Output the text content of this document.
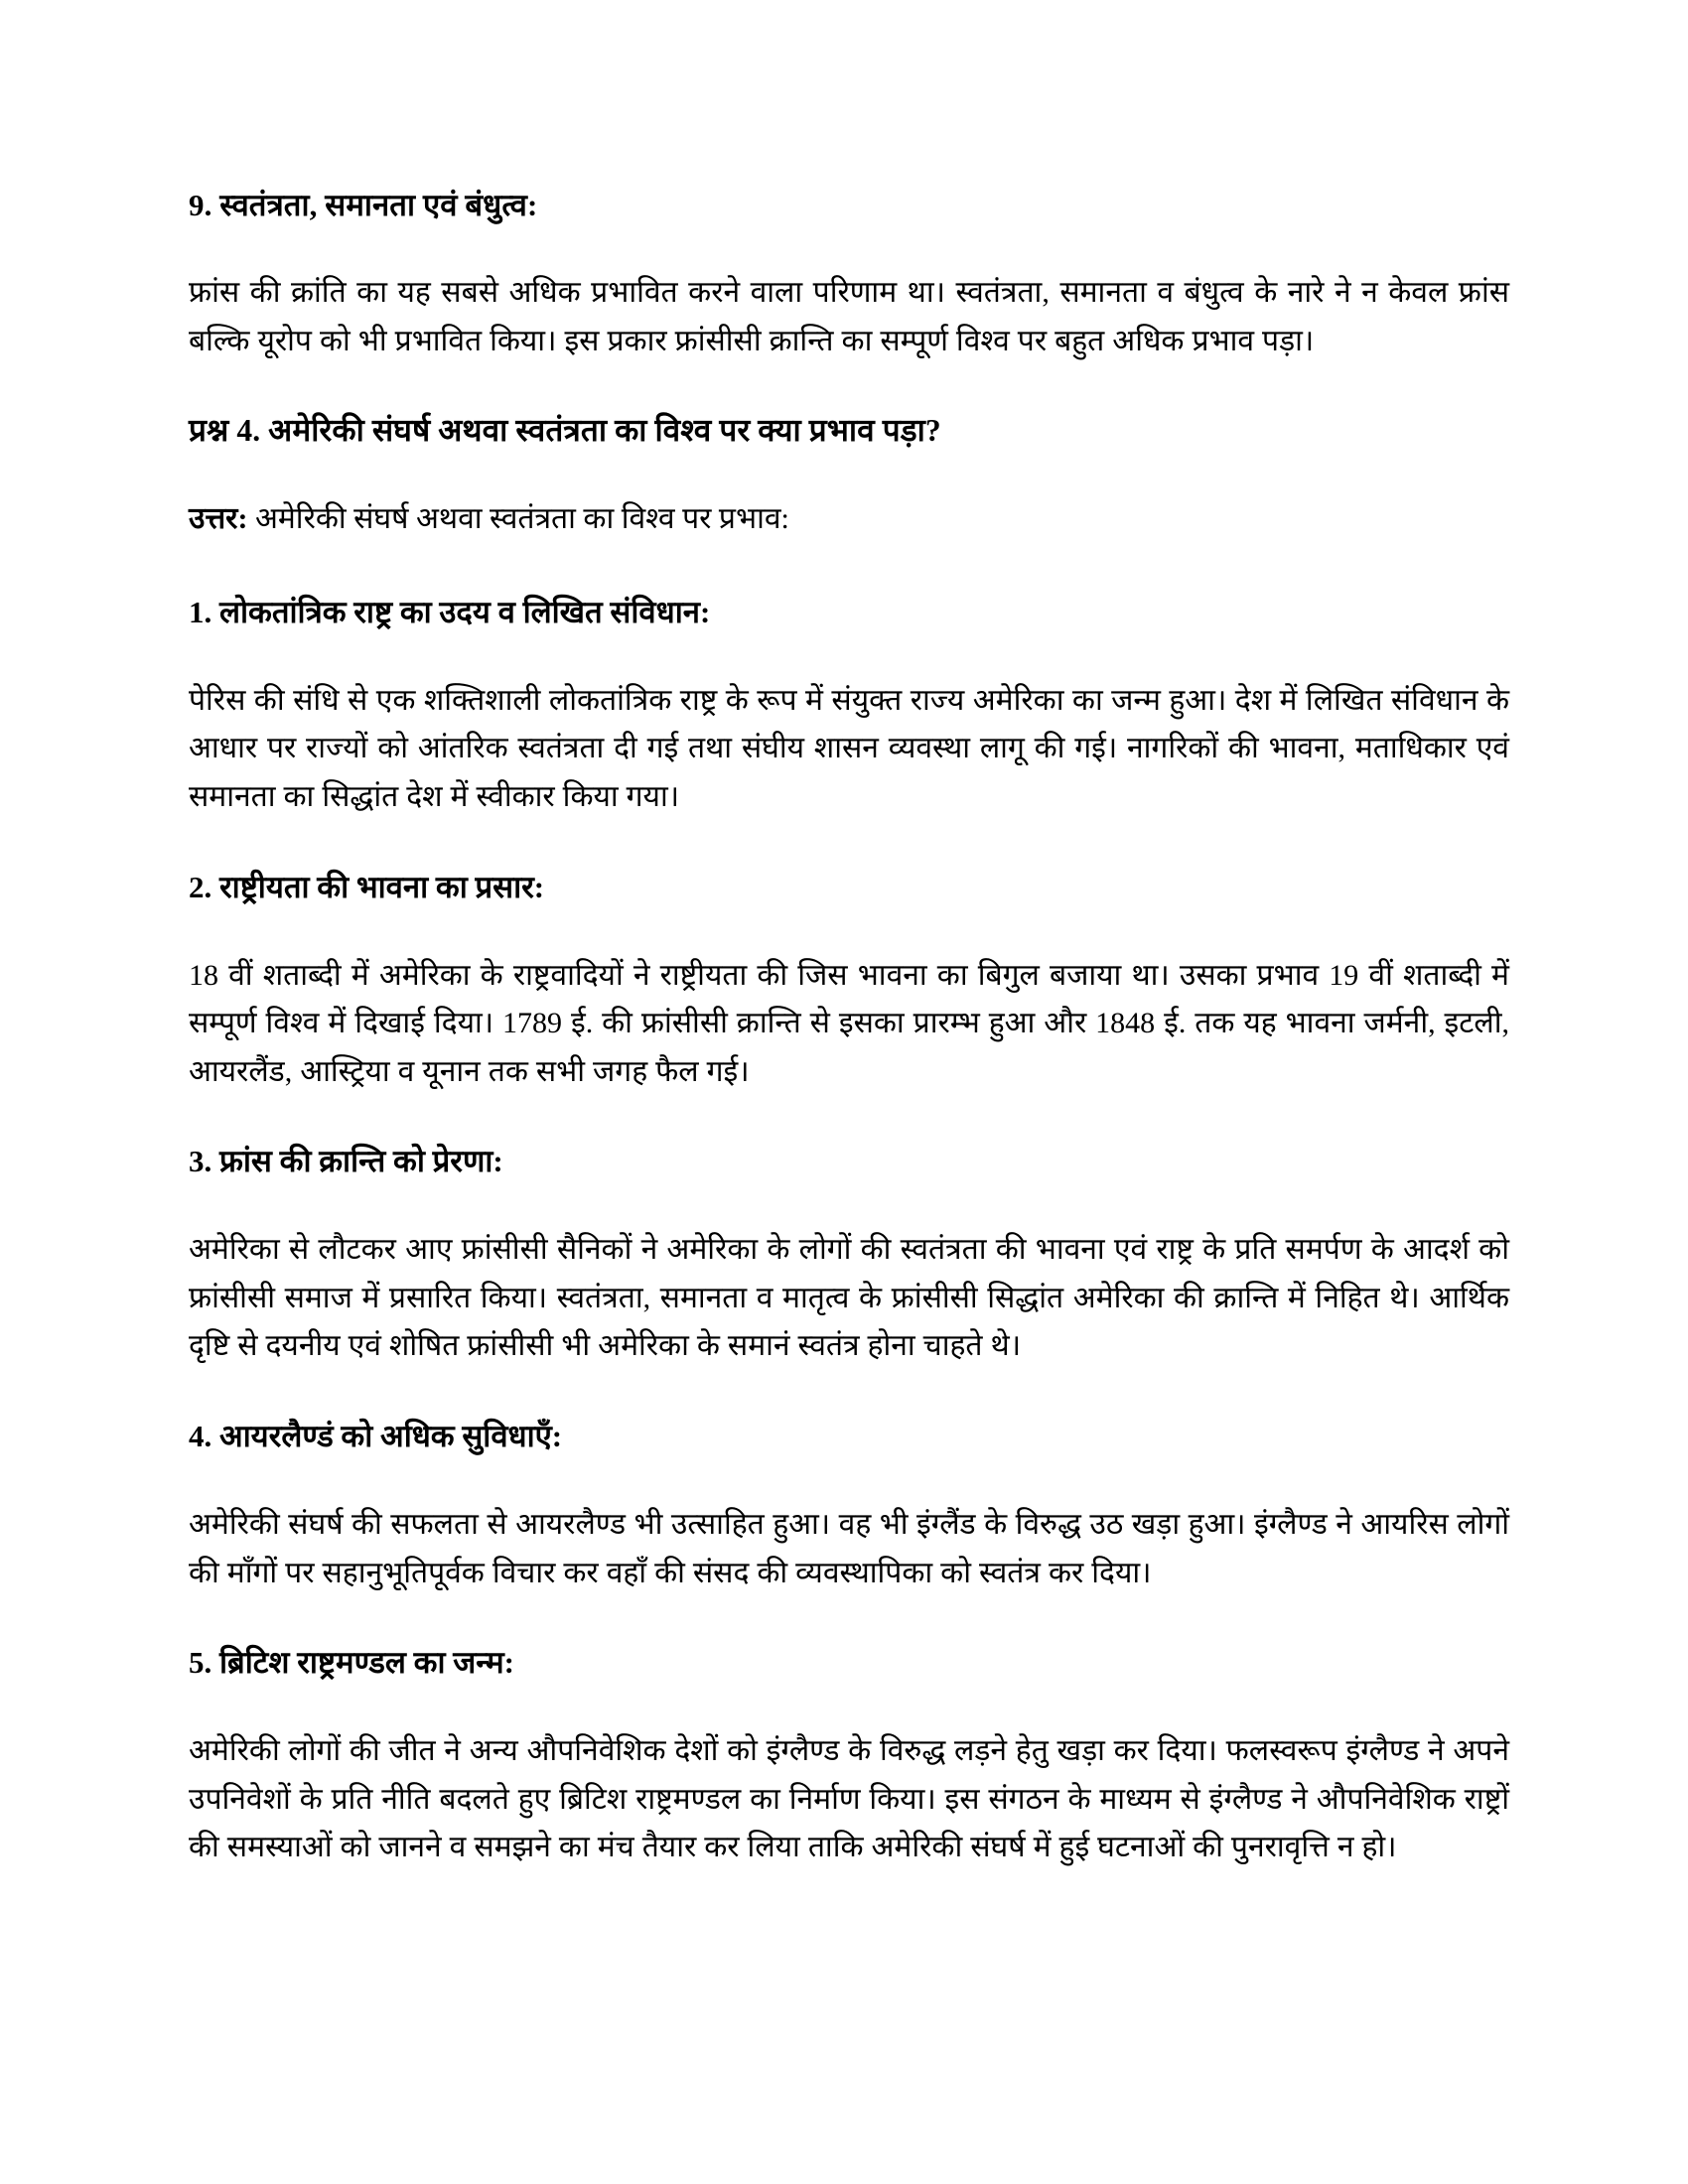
9. स्वतंत्रता, समानता एवं बंधुत्व:

फ्रांस की क्रांति का यह सबसे अधिक प्रभावित करने वाला परिणाम था। स्वतंत्रता, समानता व बंधुत्व के नारे ने न केवल फ्रांस बल्कि यूरोप को भी प्रभावित किया। इस प्रकार फ्रांसीसी क्रान्ति का सम्पूर्ण विश्व पर बहुत अधिक प्रभाव पड़ा।

प्रश्न 4. अमेरिकी संघर्ष अथवा स्वतंत्रता का विश्व पर क्या प्रभाव पड़ा?

उत्तर: अमेरिकी संघर्ष अथवा स्वतंत्रता का विश्व पर प्रभाव:

1. लोकतांत्रिक राष्ट्र का उदय व लिखित संविधान:

पेरिस की संधि से एक शक्तिशाली लोकतांत्रिक राष्ट्र के रूप में संयुक्त राज्य अमेरिका का जन्म हुआ। देश में लिखित संविधान के आधार पर राज्यों को आंतरिक स्वतंत्रता दी गई तथा संघीय शासन व्यवस्था लागू की गई। नागरिकों की भावना, मताधिकार एवं समानता का सिद्धांत देश में स्वीकार किया गया।

2. राष्ट्रीयता की भावना का प्रसार:

18 वीं शताब्दी में अमेरिका के राष्ट्रवादियों ने राष्ट्रीयता की जिस भावना का बिगुल बजाया था। उसका प्रभाव 19 वीं शताब्दी में सम्पूर्ण विश्व में दिखाई दिया। 1789 ई. की फ्रांसीसी क्रान्ति से इसका प्रारम्भ हुआ और 1848 ई. तक यह भावना जर्मनी, इटली, आयरलैंड, आस्ट्रिया व यूनान तक सभी जगह फैल गई।

3. फ्रांस की क्रान्ति को प्रेरणा:

अमेरिका से लौटकर आए फ्रांसीसी सैनिकों ने अमेरिका के लोगों की स्वतंत्रता की भावना एवं राष्ट्र के प्रति समर्पण के आदर्श को फ्रांसीसी समाज में प्रसारित किया। स्वतंत्रता, समानता व मातृत्व के फ्रांसीसी सिद्धांत अमेरिका की क्रान्ति में निहित थे। आर्थिक दृष्टि से दयनीय एवं शोषित फ्रांसीसी भी अमेरिका के समानं स्वतंत्र होना चाहते थे।

4. आयरलैण्डं को अधिक सुविधाएँ:

अमेरिकी संघर्ष की सफलता से आयरलैण्ड भी उत्साहित हुआ। वह भी इंग्लैंड के विरुद्ध उठ खड़ा हुआ। इंग्लैण्ड ने आयरिस लोगों की माँगों पर सहानुभूतिपूर्वक विचार कर वहाँ की संसद की व्यवस्थापिका को स्वतंत्र कर दिया।

5. ब्रिटिश राष्ट्रमण्डल का जन्म:

अमेरिकी लोगों की जीत ने अन्य औपनिवेशिक देशों को इंग्लैण्ड के विरुद्ध लड़ने हेतु खड़ा कर दिया। फलस्वरूप इंग्लैण्ड ने अपने उपनिवेशों के प्रति नीति बदलते हुए ब्रिटिश राष्ट्रमण्डल का निर्माण किया। इस संगठन के माध्यम से इंग्लैण्ड ने औपनिवेशिक राष्ट्रों की समस्याओं को जानने व समझने का मंच तैयार कर लिया ताकि अमेरिकी संघर्ष में हुई घटनाओं की पुनरावृत्ति न हो।
